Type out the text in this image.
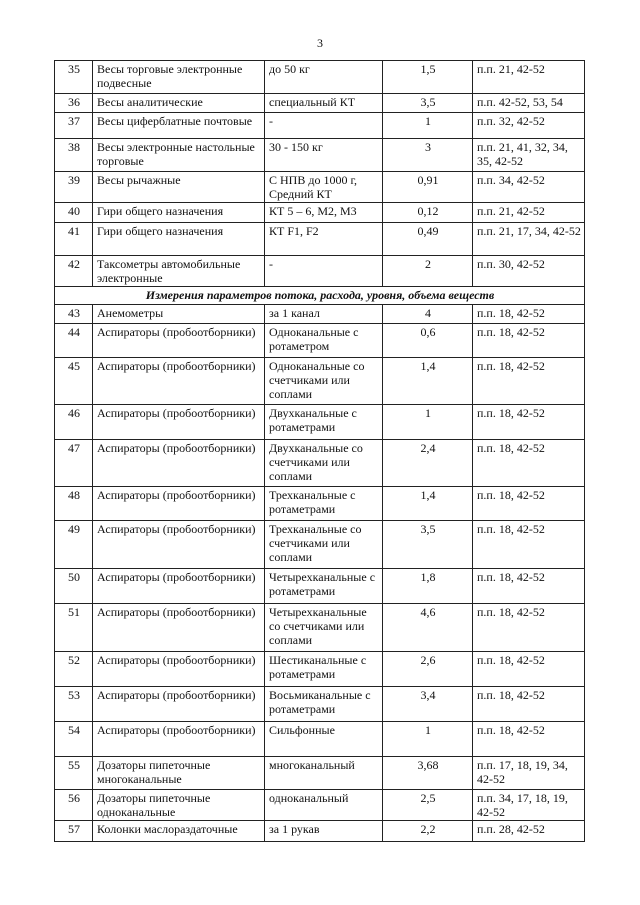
3
35	Весы торговые электронные подвесные	до 50 кг	1,5	п.п. 21, 42-52
36	Весы аналитические	специальный КТ	3,5	п.п. 42-52, 53, 54
37	Весы циферблатные почтовые	-	1	п.п. 32, 42-52
38	Весы электронные настольные торговые	30 - 150 кг	3	п.п. 21, 41, 32, 34, 35, 42-52
39	Весы рычажные	С НПВ до 1000 г, Средний КТ	0,91	п.п. 34, 42-52
40	Гири общего назначения	КТ 5 – 6, М2, М3	0,12	п.п. 21, 42-52
41	Гири общего назначения	КТ F1, F2	0,49	п.п. 21, 17, 34, 42-52
42	Таксометры автомобильные электронные	-	2	п.п. 30, 42-52
Измерения параметров потока, расхода, уровня, объема веществ				
43	Анемометры	за 1 канал	4	п.п. 18, 42-52
44	Аспираторы (пробоотборники)	Одноканальные с ротаметром	0,6	п.п. 18, 42-52
45	Аспираторы (пробоотборники)	Одноканальные со счетчиками или соплами	1,4	п.п. 18, 42-52
46	Аспираторы (пробоотборники)	Двухканальные с ротаметрами	1	п.п. 18, 42-52
47	Аспираторы (пробоотборники)	Двухканальные со счетчиками или соплами	2,4	п.п. 18, 42-52
48	Аспираторы (пробоотборники)	Трехканальные с ротаметрами	1,4	п.п. 18, 42-52
49	Аспираторы (пробоотборники)	Трехканальные со счетчиками или соплами	3,5	п.п. 18, 42-52
50	Аспираторы (пробоотборники)	Четырехканальные с ротаметрами	1,8	п.п. 18, 42-52
51	Аспираторы (пробоотборники)	Четырехканальные со счетчиками или соплами	4,6	п.п. 18, 42-52
52	Аспираторы (пробоотборники)	Шестиканальные с ротаметрами	2,6	п.п. 18, 42-52
53	Аспираторы (пробоотборники)	Восьмиканальные с ротаметрами	3,4	п.п. 18, 42-52
54	Аспираторы (пробоотборники)	Сильфонные	1	п.п. 18, 42-52
55	Дозаторы пипеточные многоканальные	многоканальный	3,68	п.п. 17, 18, 19, 34, 42-52
56	Дозаторы пипеточные одноканальные	одноканальный	2,5	п.п. 34, 17, 18, 19, 42-52
57	Колонки маслораздаточные	за 1 рукав	2,2	п.п. 28, 42-52
